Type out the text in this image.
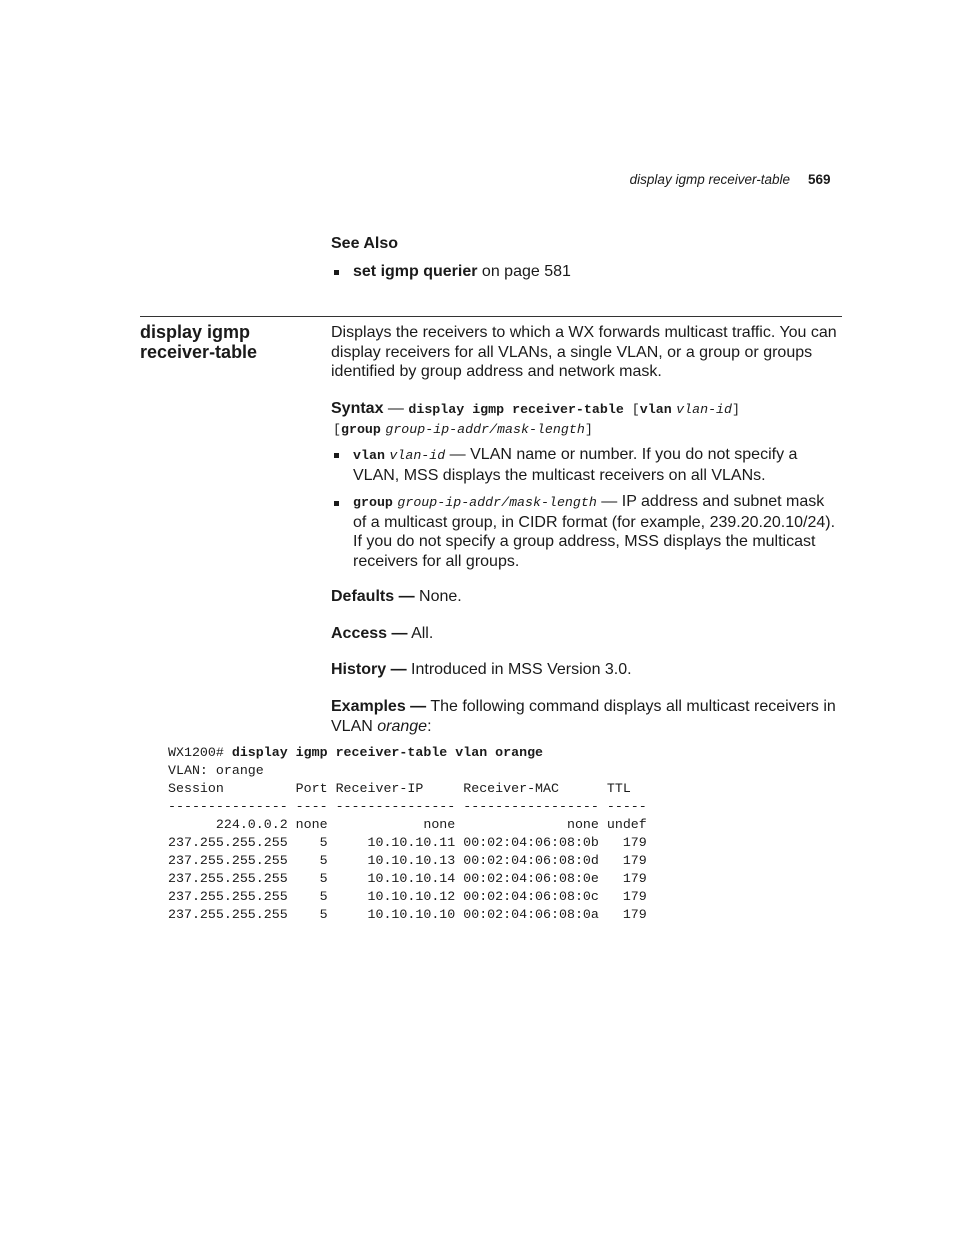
display igmp receiver-table 569
See Also
set igmp querier on page 581
display igmp
receiver-table
Displays the receivers to which a WX forwards multicast traffic. You can
display receivers for all VLANs, a single VLAN, or a group or groups
identified by group address and network mask.
Syntax — display igmp receiver-table [vlan vlan-id]
[group group-ip-addr/mask-length]
vlan vlan-id — VLAN name or number. If you do not specify a
VLAN, MSS displays the multicast receivers on all VLANs.
group group-ip-addr/mask-length — IP address and subnet mask
of a multicast group, in CIDR format (for example, 239.20.20.10/24).
If you do not specify a group address, MSS displays the multicast
receivers for all groups.
Defaults — None.
Access — All.
History — Introduced in MSS Version 3.0.
Examples — The following command displays all multicast receivers in
VLAN orange:
WX1200# display igmp receiver-table vlan orange
VLAN: orange
Session         Port Receiver-IP     Receiver-MAC      TTL
--------------- ---- --------------- ----------------- -----
224.0.0.2 none            none              none undef
237.255.255.255    5     10.10.10.11 00:02:04:06:08:0b   179
237.255.255.255    5     10.10.10.13 00:02:04:06:08:0d   179
237.255.255.255    5     10.10.10.14 00:02:04:06:08:0e   179
237.255.255.255    5     10.10.10.12 00:02:04:06:08:0c   179
237.255.255.255    5     10.10.10.10 00:02:04:06:08:0a   179
